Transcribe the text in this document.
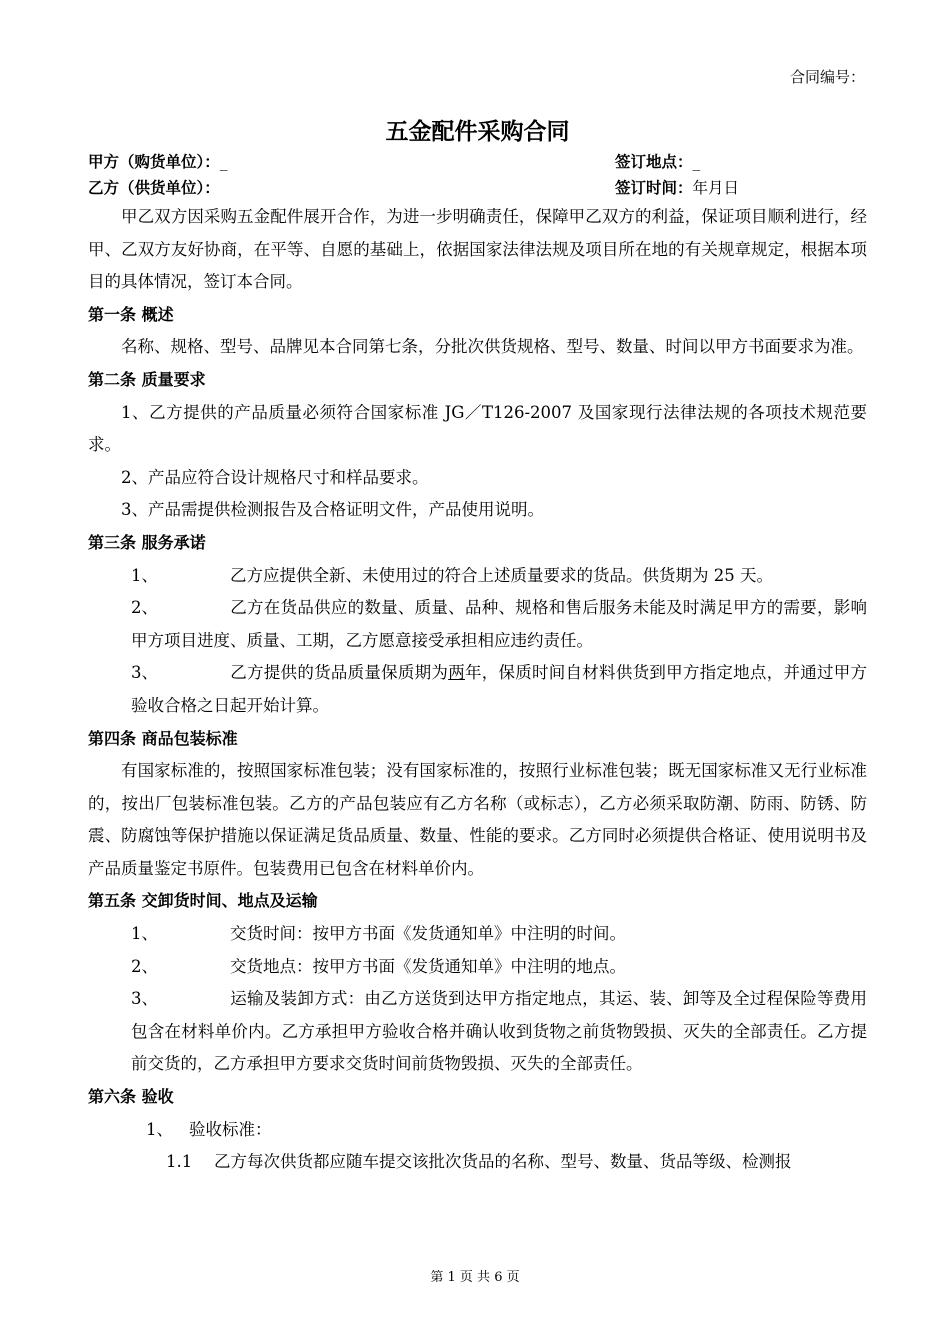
合同编号：
五金配件采购合同
甲方（购货单位）：_	签订地点：_
乙方（供货单位）：	签订时间：年月日

甲乙双方因采购五金配件展开合作，为进一步明确责任，保障甲乙双方的利益，保证项目顺利进行，经甲、乙双方友好协商，在平等、自愿的基础上，依据国家法律法规及项目所在地的有关规章规定，根据本项目的具体情况，签订本合同。

第一条 概述

名称、规格、型号、品牌见本合同第七条，分批次供货规格、型号、数量、时间以甲方书面要求为准。

第二条 质量要求

1、乙方提供的产品质量必须符合国家标准 JG／T126-2007 及国家现行法律法规的各项技术规范要求。

2、产品应符合设计规格尺寸和样品要求。

3、产品需提供检测报告及合格证明文件，产品使用说明。

第三条 服务承诺

1、	乙方应提供全新、未使用过的符合上述质量要求的货品。供货期为 25 天。

2、	乙方在货品供应的数量、质量、品种、规格和售后服务未能及时满足甲方的需要，影响甲方项目进度、质量、工期，乙方愿意接受承担相应违约责任。

3、	乙方提供的货品质量保质期为两年，保质时间自材料供货到甲方指定地点，并通过甲方验收合格之日起开始计算。

第四条 商品包装标准

有国家标准的，按照国家标准包装；没有国家标准的，按照行业标准包装；既无国家标准又无行业标准的，按出厂包装标准包装。乙方的产品包装应有乙方名称（或标志），乙方必须采取防潮、防雨、防锈、防震、防腐蚀等保护措施以保证满足货品质量、数量、性能的要求。乙方同时必须提供合格证、使用说明书及产品质量鉴定书原件。包装费用已包含在材料单价内。

第五条 交卸货时间、地点及运输

1、	交货时间：按甲方书面《发货通知单》中注明的时间。

2、	交货地点：按甲方书面《发货通知单》中注明的地点。

3、	运输及装卸方式：由乙方送货到达甲方指定地点，其运、装、卸等及全过程保险等费用包含在材料单价内。乙方承担甲方验收合格并确认收到货物之前货物毁损、灭失的全部责任。乙方提前交货的，乙方承担甲方要求交货时间前货物毁损、灭失的全部责任。

第六条 验收

1、 验收标准：

1.1 乙方每次供货都应随车提交该批次货品的名称、型号、数量、货品等级、检测报

第 1 页 共 6 页
